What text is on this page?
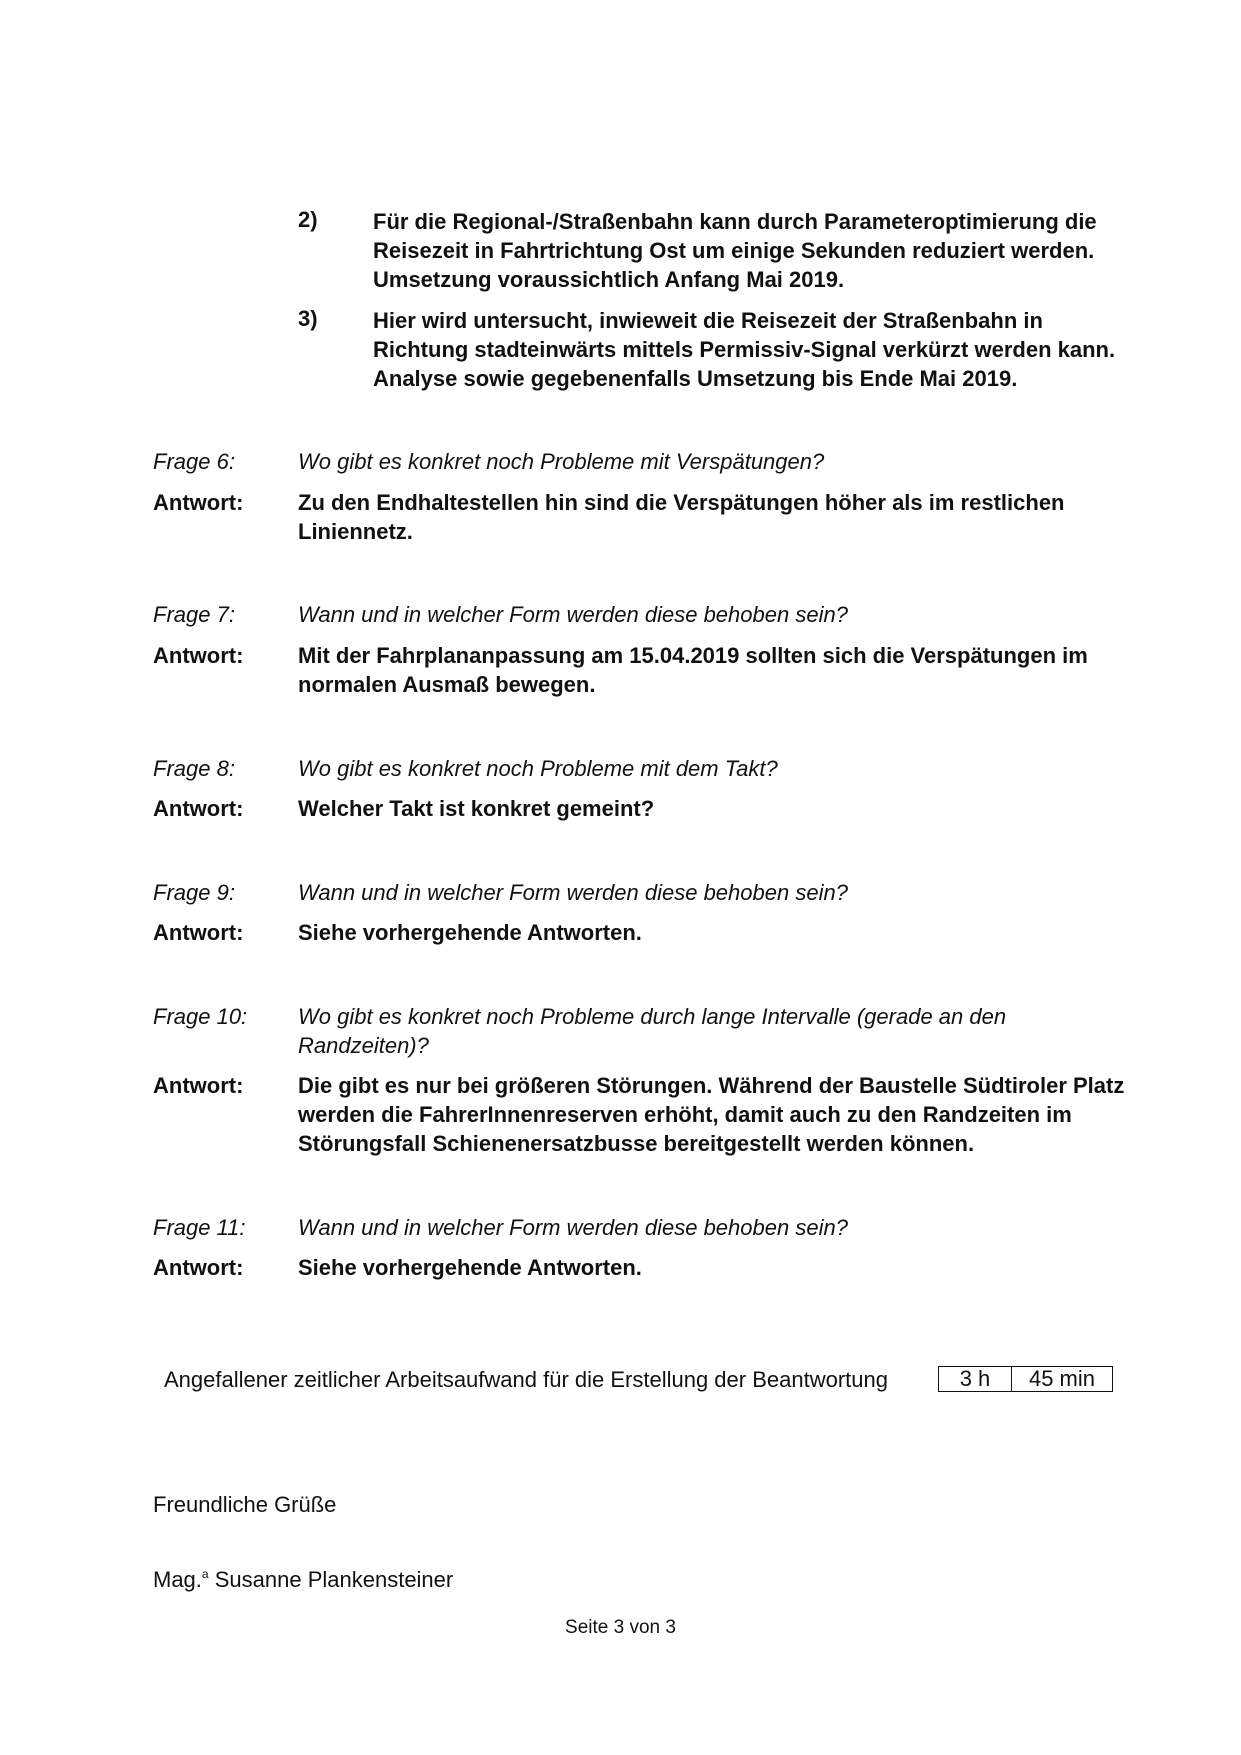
2)	Für die Regional-/Straßenbahn kann durch Parameteroptimierung die Reisezeit in Fahrtrichtung Ost um einige Sekunden reduziert werden. Umsetzung voraussichtlich Anfang Mai 2019.
3)	Hier wird untersucht, inwieweit die Reisezeit der Straßenbahn in Richtung stadteinwärts mittels Permissiv-Signal verkürzt werden kann. Analyse sowie gegebenenfalls Umsetzung bis Ende Mai 2019.
Frage 6:	Wo gibt es konkret noch Probleme mit Verspätungen?
Antwort: Zu den Endhaltestellen hin sind die Verspätungen höher als im restlichen Liniennetz.
Frage 7:	Wann und in welcher Form werden diese behoben sein?
Antwort: Mit der Fahrplananpassung am 15.04.2019 sollten sich die Verspätungen im normalen Ausmaß bewegen.
Frage 8:	Wo gibt es konkret noch Probleme mit dem Takt?
Antwort: Welcher Takt ist konkret gemeint?
Frage 9:	Wann und in welcher Form werden diese behoben sein?
Antwort: Siehe vorhergehende Antworten.
Frage 10: Wo gibt es konkret noch Probleme durch lange Intervalle (gerade an den Randzeiten)?
Antwort: Die gibt es nur bei größeren Störungen. Während der Baustelle Südtiroler Platz werden die FahrerInnenreserven erhöht, damit auch zu den Randzeiten im Störungsfall Schienenersatzbusse bereitgestellt werden können.
Frage 11: Wann und in welcher Form werden diese behoben sein?
Antwort: Siehe vorhergehende Antworten.
Angefallener zeitlicher Arbeitsaufwand für die Erstellung der Beantwortung	3 h	45 min
Freundliche Grüße
Mag.$^a$ Susanne Plankensteiner
Seite 3 von 3
